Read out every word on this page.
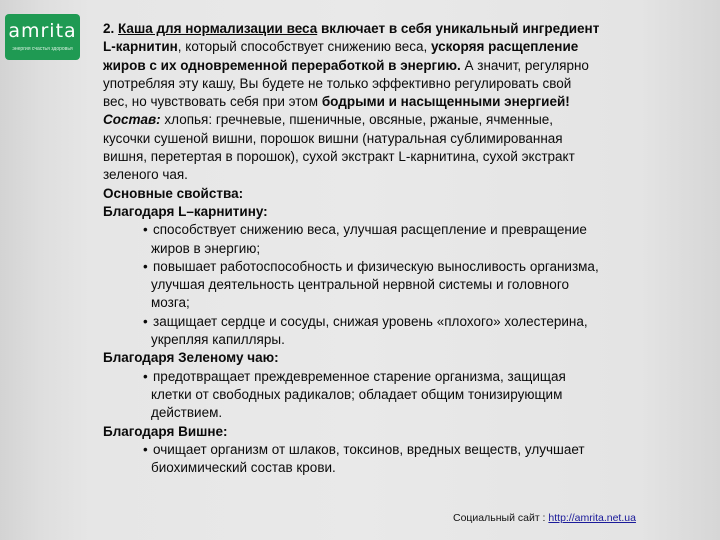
amrita
энергия счастья здоровья
2. Каша для нормализации веса включает в себя уникальный ингредиент
L-карнитин, который способствует снижению веса, ускоряя расщепление
жиров с их одновременной переработкой в энергию. А значит, регулярно
употребляя эту кашу, Вы будете не только эффективно регулировать свой
вес, но чувствовать себя при этом бодрыми и насыщенными энергией!
Состав: хлопья: гречневые, пшеничные, овсяные, ржаные, ячменные,
кусочки сушеной вишни, порошок вишни (натуральная сублимированная
вишня, перетертая в порошок), сухой экстракт L-карнитина, сухой экстракт
зеленого чая.
Основные свойства:
Благодаря L–карнитину:
• способствует снижению веса, улучшая расщепление и превращение
жиров в энергию;
• повышает работоспособность и физическую выносливость организма,
улучшая деятельность центральной нервной системы и головного
мозга;
• защищает сердце и сосуды, снижая уровень «плохого» холестерина,
укрепляя капилляры.
Благодаря Зеленому чаю:
• предотвращает преждевременное старение организма, защищая
клетки от свободных радикалов; обладает общим тонизирующим
действием.
Благодаря Вишне:
• очищает организм от шлаков, токсинов, вредных веществ, улучшает
биохимический состав крови.
Социальный сайт : http://amrita.net.ua
